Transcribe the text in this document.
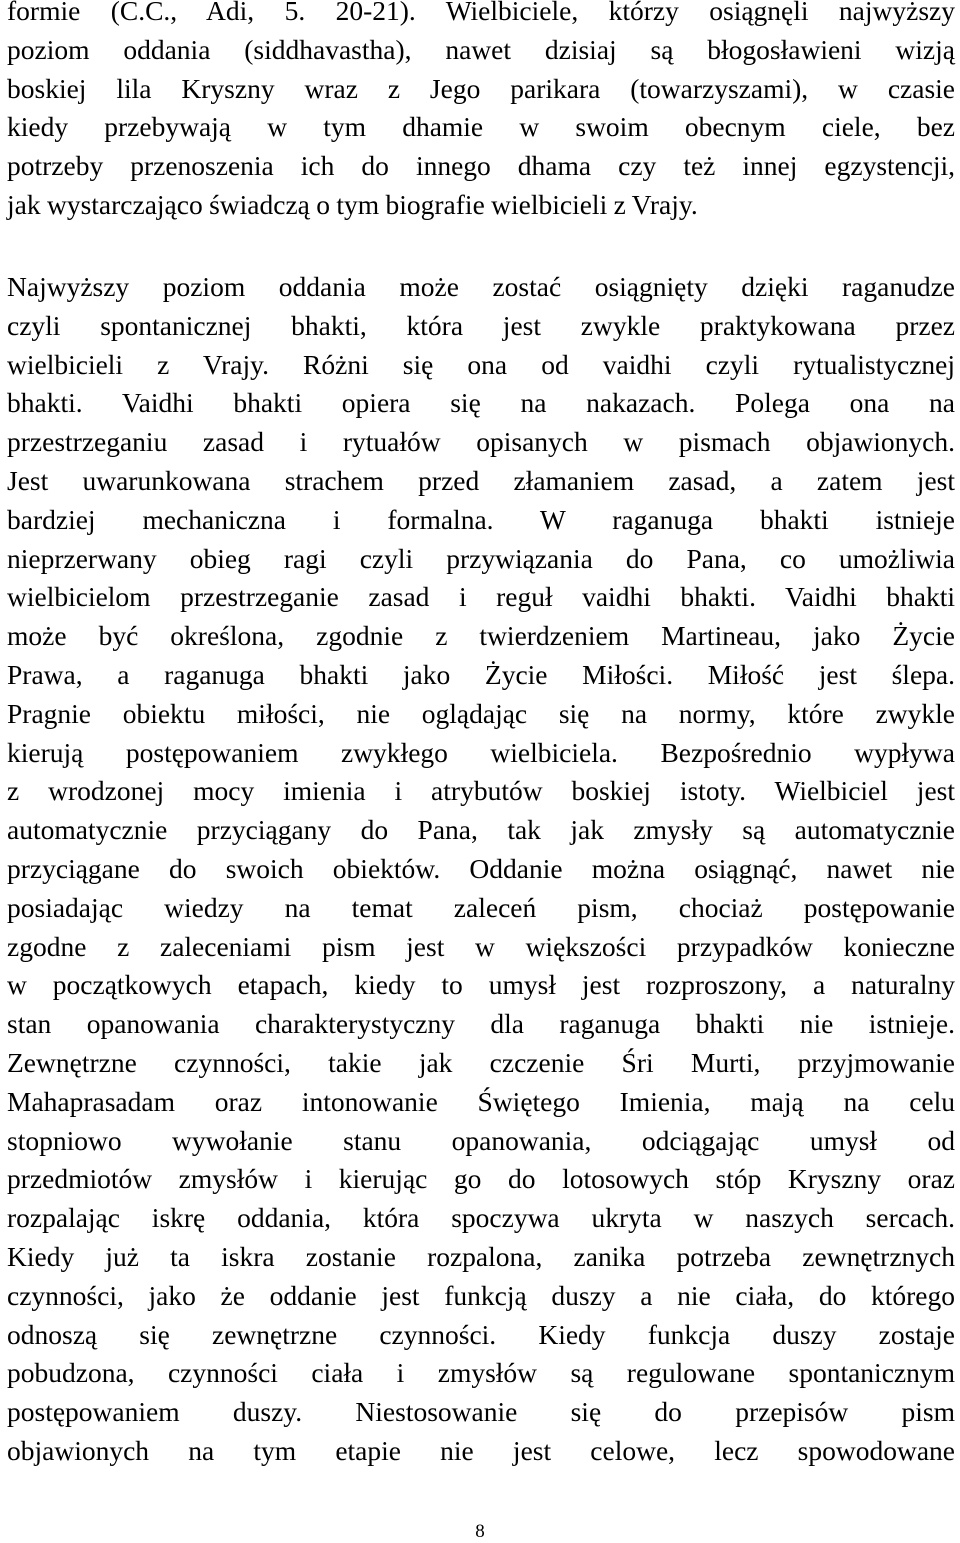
formie (C.C., Adi, 5. 20-21). Wielbiciele, którzy osiągnęli najwyższy
poziom oddania (siddhavastha), nawet dzisiaj są błogosławieni wizją
boskiej lila Kryszny wraz z Jego parikara (towarzyszami), w czasie
kiedy przebywają w tym dhamie w swoim obecnym ciele, bez
potrzeby przenoszenia ich do innego dhama czy też innej egzystencji,
jak wystarczająco świadczą o tym biografie wielbicieli z Vrajy.
Najwyższy poziom oddania może zostać osiągnięty dzięki raganudze
czyli spontanicznej bhakti, która jest zwykle praktykowana przez
wielbicieli z Vrajy. Różni się ona od vaidhi czyli rytualistycznej
bhakti. Vaidhi bhakti opiera się na nakazach. Polega ona na
przestrzeganiu zasad i rytuałów opisanych w pismach objawionych.
Jest uwarunkowana strachem przed złamaniem zasad, a zatem jest
bardziej mechaniczna i formalna. W raganuga bhakti istnieje
nieprzerwany obieg ragi czyli przywiązania do Pana, co umożliwia
wielbicielom przestrzeganie zasad i reguł vaidhi bhakti. Vaidhi bhakti
może być określona, zgodnie z twierdzeniem Martineau, jako Życie
Prawa, a raganuga bhakti jako Życie Miłości. Miłość jest ślepa.
Pragnie obiektu miłości, nie oglądając się na normy, które zwykle
kierują postępowaniem zwykłego wielbiciela. Bezpośrednio wypływa
z wrodzonej mocy imienia i atrybutów boskiej istoty. Wielbiciel jest
automatycznie przyciągany do Pana, tak jak zmysły są automatycznie
przyciągane do swoich obiektów. Oddanie można osiągnąć, nawet nie
posiadając wiedzy na temat zaleceń pism, chociaż postępowanie
zgodne z zaleceniami pism jest w większości przypadków konieczne
w początkowych etapach, kiedy to umysł jest rozproszony, a naturalny
stan opanowania charakterystyczny dla raganuga bhakti nie istnieje.
Zewnętrzne czynności, takie jak czczenie Śri Murti, przyjmowanie
Mahaprasadam oraz intonowanie Świętego Imienia, mają na celu
stopniowo wywołanie stanu opanowania, odciągając umysł od
przedmiotów zmysłów i kierując go do lotosowych stóp Kryszny oraz
rozpalając iskrę oddania, która spoczywa ukryta w naszych sercach.
Kiedy już ta iskra zostanie rozpalona, zanika potrzeba zewnętrznych
czynności, jako że oddanie jest funkcją duszy a nie ciała, do którego
odnoszą się zewnętrzne czynności. Kiedy funkcja duszy zostaje
pobudzona, czynności ciała i zmysłów są regulowane spontanicznym
postępowaniem duszy. Niestosowanie się do przepisów pism
objawionych na tym etapie nie jest celowe, lecz spowodowane
8
